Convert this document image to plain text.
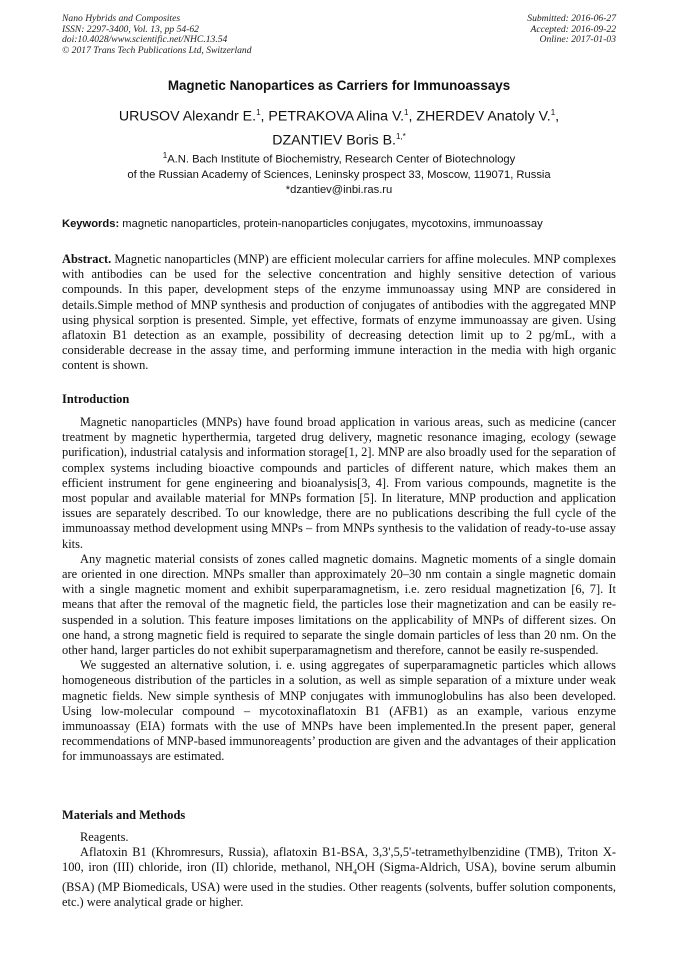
Nano Hybrids and Composites
ISSN: 2297-3400, Vol. 13, pp 54-62
doi:10.4028/www.scientific.net/NHC.13.54
© 2017 Trans Tech Publications Ltd, Switzerland
Submitted: 2016-06-27
Accepted: 2016-09-22
Online: 2017-01-03
Magnetic Nanopartices as Carriers for Immunoassays
URUSOV Alexandr E.$^1$, PETRAKOVA Alina V.$^1$, ZHERDEV Anatoly V.$^1$,
DZANTIEV Boris B.$^{1,*}$
$^1$A.N. Bach Institute of Biochemistry, Research Center of Biotechnology
of the Russian Academy of Sciences, Leninsky prospect 33, Moscow, 119071, Russia
*dzantiev@inbi.ras.ru
Keywords: magnetic nanoparticles, protein-nanoparticles conjugates, mycotoxins, immunoassay

Abstract. Magnetic nanoparticles (MNP) are efficient molecular carriers for affine molecules. MNP complexes with antibodies can be used for the selective concentration and highly sensitive detection of various compounds. In this paper, development steps of the enzyme immunoassay using MNP are considered in details.Simple method of MNP synthesis and production of conjugates of antibodies with the aggregated MNP using physical sorption is presented. Simple, yet effective, formats of enzyme immunoassay are given. Using aflatoxin B1 detection as an example, possibility of decreasing detection limit up to 2 pg/mL, with a considerable decrease in the assay time, and performing immune interaction in the media with high organic content is shown.

Introduction

Magnetic nanoparticles (MNPs) have found broad application in various areas, such as medicine (cancer treatment by magnetic hyperthermia, targeted drug delivery, magnetic resonance imaging, ecology (sewage purification), industrial catalysis and information storage[1, 2]. MNP are also broadly used for the separation of complex systems including bioactive compounds and particles of different nature, which makes them an efficient instrument for gene engineering and bioanalysis[3, 4]. From various compounds, magnetite is the most popular and available material for MNPs formation [5]. In literature, MNP production and application issues are separately described. To our knowledge, there are no publications describing the full cycle of the immunoassay method development using MNPs – from MNPs synthesis to the validation of ready-to-use assay kits.

Any magnetic material consists of zones called magnetic domains. Magnetic moments of a single domain are oriented in one direction. MNPs smaller than approximately 20–30 nm contain a single magnetic domain with a single magnetic moment and exhibit superparamagnetism, i.e. zero residual magnetization [6, 7]. It means that after the removal of the magnetic field, the particles lose their magnetization and can be easily re-suspended in a solution. This feature imposes limitations on the applicability of MNPs of different sizes. On one hand, a strong magnetic field is required to separate the single domain particles of less than 20 nm. On the other hand, larger particles do not exhibit superparamagnetism and therefore, cannot be easily re-suspended.

We suggested an alternative solution, i. e. using aggregates of superparamagnetic particles which allows homogeneous distribution of the particles in a solution, as well as simple separation of a mixture under weak magnetic fields. New simple synthesis of MNP conjugates with immunoglobulins has also been developed. Using low-molecular compound – mycotoxinaflatoxin B1 (AFB1) as an example, various enzyme immunoassay (EIA) formats with the use of MNPs have been implemented.In the present paper, general recommendations of MNP-based immunoreagents’ production are given and the advantages of their application for immunoassays are estimated.

Materials and Methods

Reagents.

Aflatoxin B1 (Khromresurs, Russia), aflatoxin B1-BSA, 3,3',5,5'-tetramethylbenzidine (TMB), Triton X-100, iron (III) chloride, iron (II) chloride, methanol, $NH_4OH$ (Sigma-Aldrich, USA), bovine serum albumin (BSA) (MP Biomedicals, USA) were used in the studies. Other reagents (solvents, buffer solution components, etc.) were analytical grade or higher.
